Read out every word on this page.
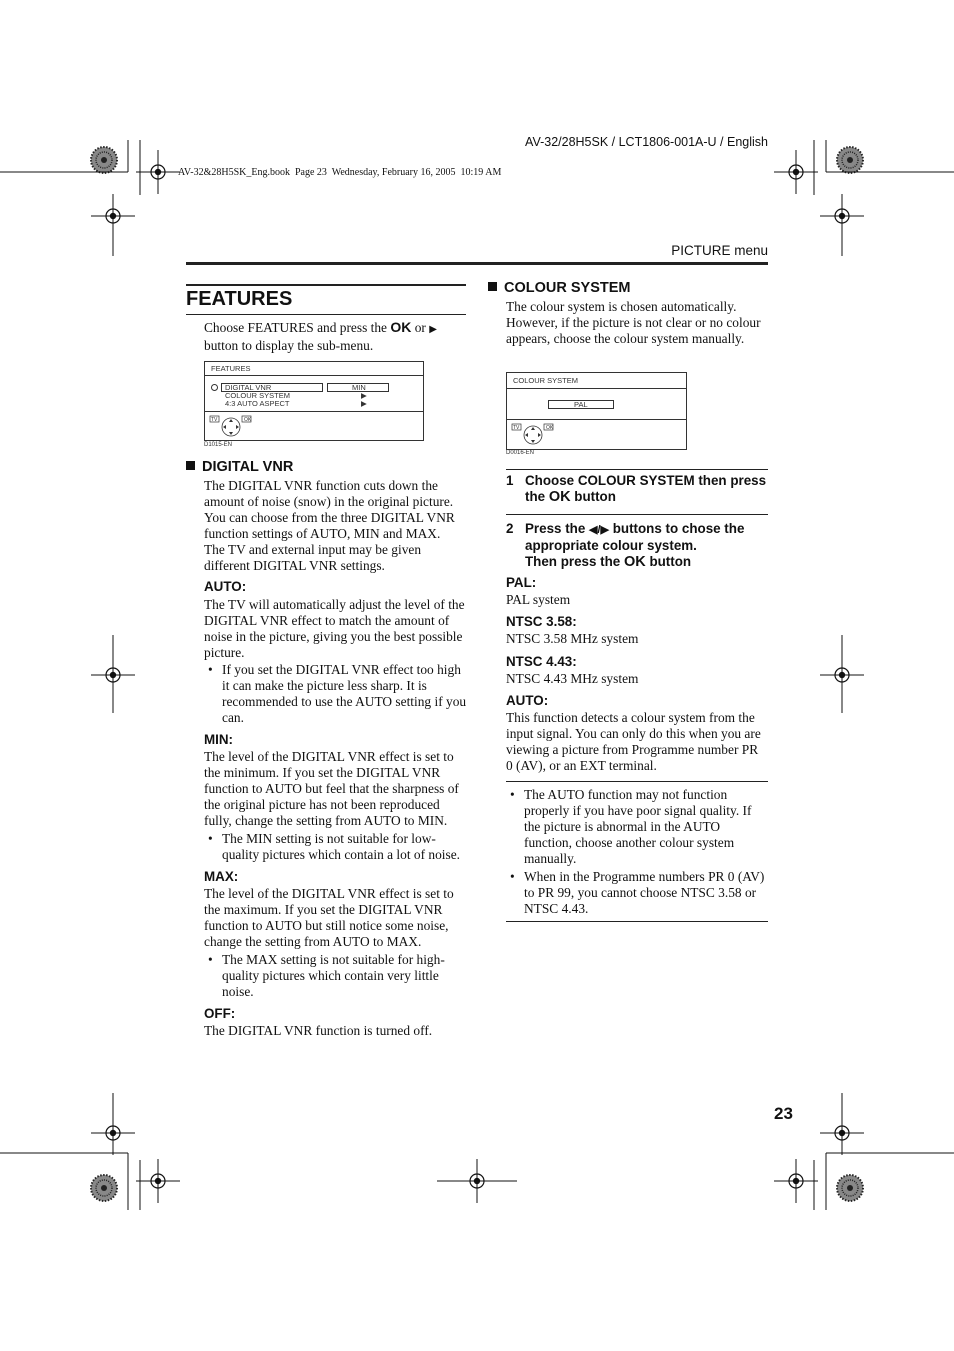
AV-32/28H5SK / LCT1806-001A-U / English
AV-32&28H5SK_Eng.book  Page 23  Wednesday, February 16, 2005  10:19 AM
PICTURE menu
FEATURES

Choose FEATURES and press the OK or ▶
button to display the sub-menu.

FEATURES
DIGITAL VNR	MIN
COLOUR SYSTEM	▶
4:3 AUTO ASPECT	▶
TV	OK
D1015-EN
DIGITAL VNR

The DIGITAL VNR function cuts down the amount of noise (snow) in the original picture. You can choose from the three DIGITAL VNR function settings of AUTO, MIN and MAX.

The TV and external input may be given different DIGITAL VNR settings.

AUTO:

The TV will automatically adjust the level of the DIGITAL VNR effect to match the amount of noise in the picture, giving you the best possible picture.

• If you set the DIGITAL VNR effect too high it can make the picture less sharp. It is recommended to use the AUTO setting if you can.

MIN:

The level of the DIGITAL VNR effect is set to the minimum. If you set the DIGITAL VNR function to AUTO but feel that the sharpness of the original picture has not been reproduced fully, change the setting from AUTO to MIN.

• The MIN setting is not suitable for low-quality pictures which contain a lot of noise.

MAX:

The level of the DIGITAL VNR effect is set to the maximum. If you set the DIGITAL VNR function to AUTO but still notice some noise, change the setting from AUTO to MAX.

• The MAX setting is not suitable for high-quality pictures which contain very little noise.

OFF:

The DIGITAL VNR function is turned off.

COLOUR SYSTEM

The colour system is chosen automatically. However, if the picture is not clear or no colour appears, choose the colour system manually.

COLOUR SYSTEM
PAL
TV	OK
D0016-EN
1 Choose COLOUR SYSTEM then press the OK button
2 Press the ◀/▶ buttons to chose the appropriate colour system.
Then press the OK button

PAL:

PAL system

NTSC 3.58:

NTSC 3.58 MHz system

NTSC 4.43:

NTSC 4.43 MHz system

AUTO:

This function detects a colour system from the input signal. You can only do this when you are viewing a picture from Programme number PR 0 (AV), or an EXT terminal.

• The AUTO function may not function properly if you have poor signal quality. If the picture is abnormal in the AUTO function, choose another colour system manually.

• When in the Programme numbers PR 0 (AV) to PR 99, you cannot choose NTSC 3.58 or NTSC 4.43.

23
